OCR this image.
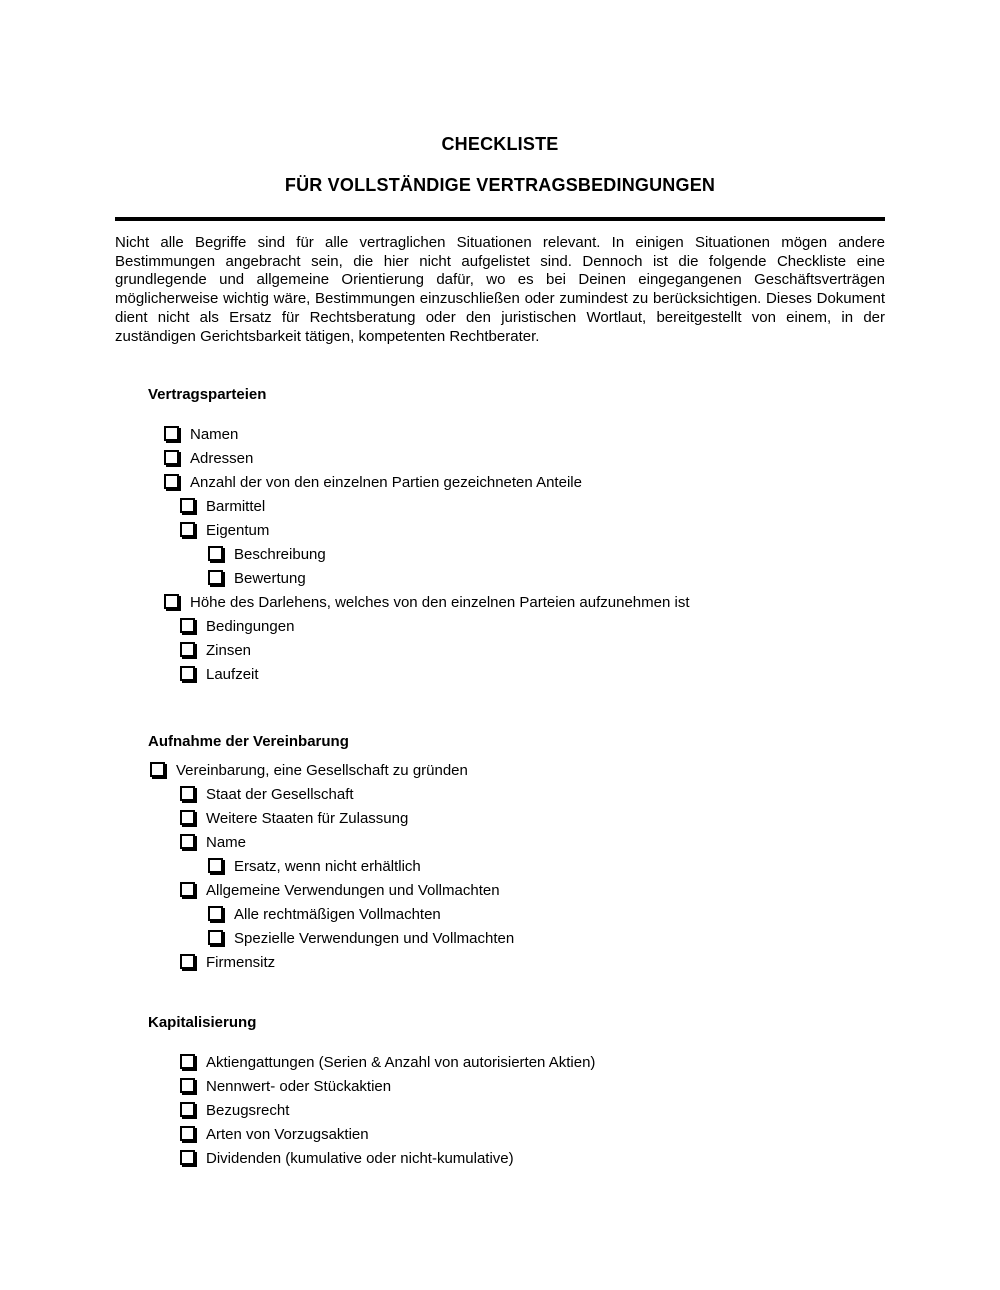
CHECKLISTE
FÜR VOLLSTÄNDIGE VERTRAGSBEDINGUNGEN

Nicht alle Begriffe sind für alle vertraglichen Situationen relevant. In einigen Situationen mögen andere Bestimmungen angebracht sein, die hier nicht aufgelistet sind. Dennoch ist die folgende Checkliste eine grundlegende und allgemeine Orientierung dafür, wo es bei Deinen eingegangenen Geschäftsverträgen möglicherweise wichtig wäre, Bestimmungen einzuschließen oder zumindest zu berücksichtigen. Dieses Dokument dient nicht als Ersatz für Rechtsberatung oder den juristischen Wortlaut, bereitgestellt von einem, in der zuständigen Gerichtsbarkeit tätigen, kompetenten Rechtberater.

Vertragsparteien
Namen
Adressen
Anzahl der von den einzelnen Partien gezeichneten Anteile
Barmittel
Eigentum
Beschreibung
Bewertung
Höhe des Darlehens, welches von den einzelnen Parteien aufzunehmen ist
Bedingungen
Zinsen
Laufzeit
Aufnahme der Vereinbarung
Vereinbarung, eine Gesellschaft zu gründen
Staat der Gesellschaft
Weitere Staaten für Zulassung
Name
Ersatz, wenn nicht erhältlich
Allgemeine Verwendungen und Vollmachten
Alle rechtmäßigen Vollmachten
Spezielle Verwendungen und Vollmachten
Firmensitz
Kapitalisierung
Aktiengattungen (Serien & Anzahl von autorisierten Aktien)
Nennwert- oder Stückaktien
Bezugsrecht
Arten von Vorzugsaktien
Dividenden (kumulative oder nicht-kumulative)
